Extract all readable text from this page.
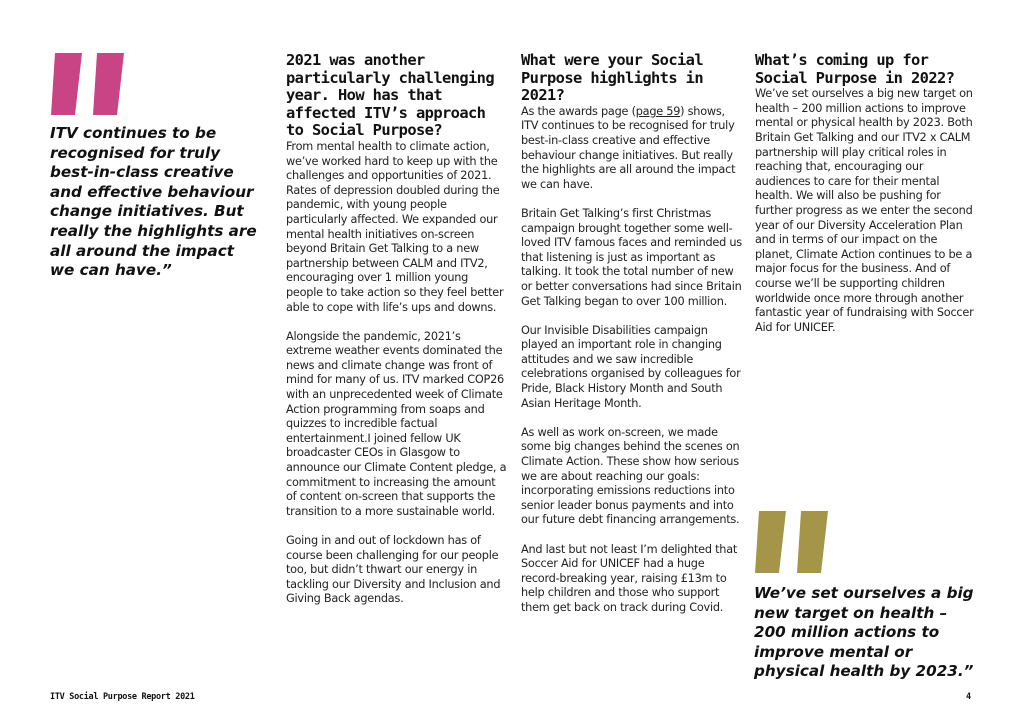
ITV continues to be recognised for truly best-in-class creative and effective behaviour change initiatives. But really the highlights are all around the impact we can have.”

2021 was another particularly challenging year. How has that affected ITV’s approach to Social Purpose?

From mental health to climate action, we’ve worked hard to keep up with the challenges and opportunities of 2021. Rates of depression doubled during the pandemic, with young people particularly affected. We expanded our mental health initiatives on-screen beyond Britain Get Talking to a new partnership between CALM and ITV2, encouraging over 1 million young people to take action so they feel better able to cope with life’s ups and downs.

Alongside the pandemic, 2021’s extreme weather events dominated the news and climate change was front of mind for many of us. ITV marked COP26 with an unprecedented week of Climate Action programming from soaps and quizzes to incredible factual entertainment.I joined fellow UK broadcaster CEOs in Glasgow to announce our Climate Content pledge, a commitment to increasing the amount of content on-screen that supports the transition to a more sustainable world.

Going in and out of lockdown has of course been challenging for our people too, but didn’t thwart our energy in tackling our Diversity and Inclusion and Giving Back agendas.

What were your Social Purpose highlights in 2021?

As the awards page (page 59) shows, ITV continues to be recognised for truly best-in-class creative and effective behaviour change initiatives. But really the highlights are all around the impact we can have.

Britain Get Talking’s first Christmas campaign brought together some well-loved ITV famous faces and reminded us that listening is just as important as talking. It took the total number of new or better conversations had since Britain Get Talking began to over 100 million.

Our Invisible Disabilities campaign played an important role in changing attitudes and we saw incredible celebrations organised by colleagues for Pride, Black History Month and South Asian Heritage Month.

As well as work on-screen, we made some big changes behind the scenes on Climate Action. These show how serious we are about reaching our goals: incorporating emissions reductions into senior leader bonus payments and into our future debt financing arrangements.

And last but not least I’m delighted that Soccer Aid for UNICEF had a huge record-breaking year, raising £13m to help children and those who support them get back on track during Covid.

What’s coming up for Social Purpose in 2022?

We’ve set ourselves a big new target on health – 200 million actions to improve mental or physical health by 2023. Both Britain Get Talking and our ITV2 x CALM partnership will play critical roles in reaching that, encouraging our audiences to care for their mental health. We will also be pushing for further progress as we enter the second year of our Diversity Acceleration Plan and in terms of our impact on the planet, Climate Action continues to be a major focus for the business. And of course we’ll be supporting children worldwide once more through another fantastic year of fundraising with Soccer Aid for UNICEF.

We’ve set ourselves a big new target on health – 200 million actions to improve mental or physical health by 2023.”

ITV Social Purpose Report 2021	4
